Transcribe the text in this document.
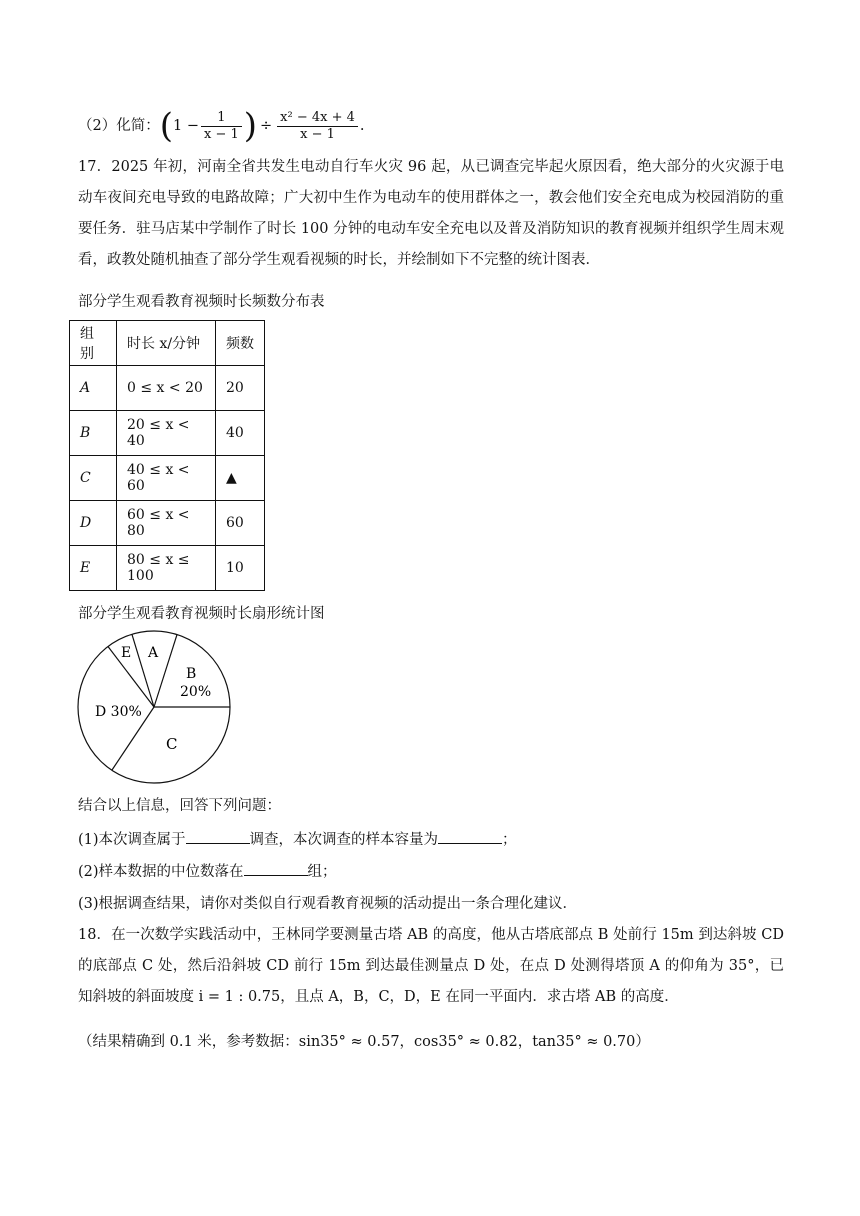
（2）化简：($1 - \frac{1}{x - 1}$ ) ÷ $\frac{\text{x² − 4x + 4}}{x - 1}$ .
17．2025 年初，河南全省共发生电动自行车火灾 96 起，从已调查完毕起火原因看，绝大部分的火灾源于电动车夜间充电导致的电路故障；广大初中生作为电动车的使用群体之一，教会他们安全充电成为校园消防的重要任务．驻马店某中学制作了时长 100 分钟的电动车安全充电以及普及消防知识的教育视频并组织学生周末观看，政教处随机抽查了部分学生观看视频的时长，并绘制如下不完整的统计图表．
部分学生观看教育视频时长频数分布表
组别	时长 x/分钟	频数
A	0 ≤ x < 20	20
B	20 ≤ x < 40	40
C	40 ≤ x < 60	▲
D	60 ≤ x < 80	60
E	80 ≤ x ≤ 100	10
部分学生观看教育视频时长扇形统计图
E A
B
20%
D 30%
C
结合以上信息，回答下列问题：
(1)本次调查属于	调查，本次调查的样本容量为	；
(2)样本数据的中位数落在	组；
(3)根据调查结果，请你对类似自行观看教育视频的活动提出一条合理化建议．
18．在一次数学实践活动中，王林同学要测量古塔 AB 的高度，他从古塔底部点 B 处前行 15m 到达斜坡 CD 的底部点 C 处，然后沿斜坡 CD 前行 15m 到达最佳测量点 D 处，在点 D 处测得塔顶 A 的仰角为 35°，已知斜坡的斜面坡度 i = 1 : 0.75，且点 A，B，C，D，E 在同一平面内．求古塔 AB 的高度．
（结果精确到 0.1 米，参考数据：sin35° ≈ 0.57，cos35° ≈ 0.82，tan35° ≈ 0.70）
